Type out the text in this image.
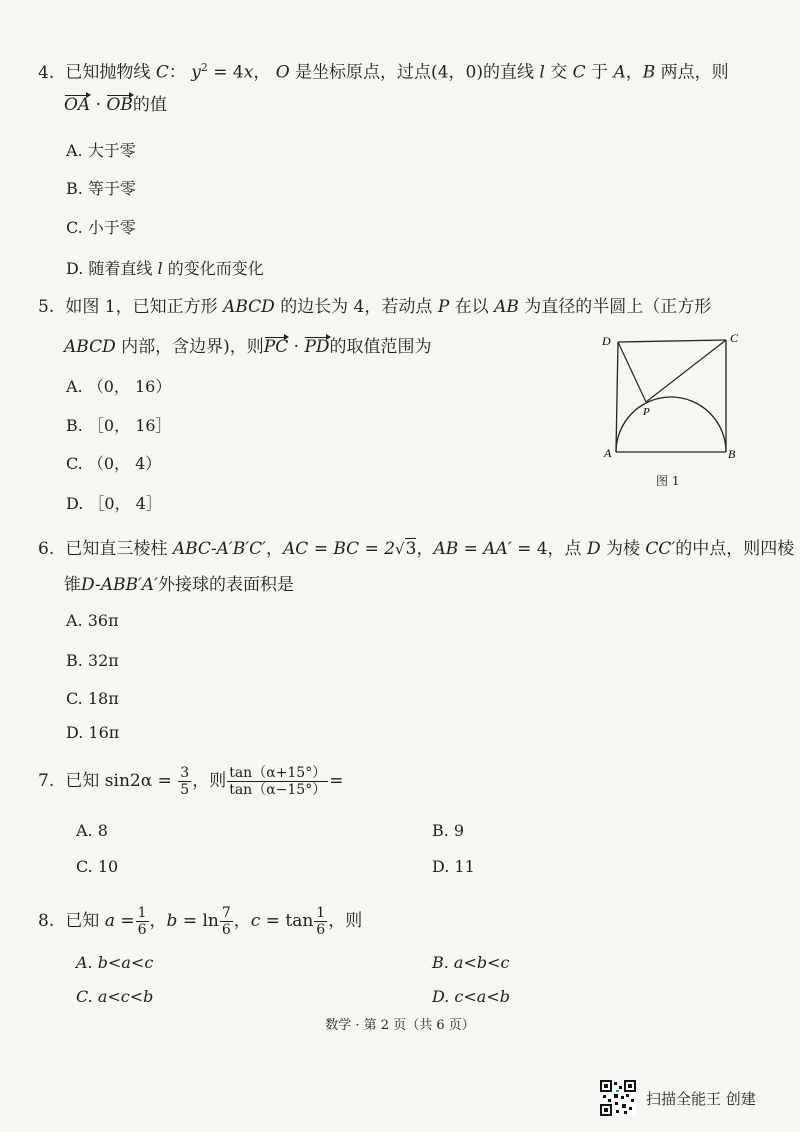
4. 已知抛物线 C： $y^2 = 4x$， O 是坐标原点，过点(4，0)的直线 l 交 C 于 A，B 两点，则
OA · OB的值
A. 大于零
B. 等于零
C. 小于零
D. 随着直线 l 的变化而变化
5. 如图 1，已知正方形 ABCD 的边长为 4，若动点 P 在以 AB 为直径的半圆上（正方形
ABCD 内部，含边界)，则PC · PD的取值范围为
A. （0， 16）
B. ［0， 16］
C. （0， 4）
D. ［0， 4］
D	C
P
A	B
图 1
6. 已知直三棱柱 ABC-A′B′C′，AC = BC = 2√3，AB = AA′ = 4，点 D 为棱 CC′的中点，则四棱
锥D-ABB′A′外接球的表面积是
A. 36π
B. 32π
C. 18π
D. 16π
7. 已知 $\sin 2\alpha = \frac{3}{5}$ ，则 $\frac{\tan(\alpha+15^\circ)}{\tan(\alpha-15^\circ)}$ =
A. 8	B. 9
C. 10	D. 11
8. 已知 $a = \frac{1}{6}$ ，$b = \ln \frac{7}{6}$ ，$c = \tan \frac{1}{6}$ ，则
A. b<a<c	B. a<b<c
C. a<c<b	D. c<a<b
数学 · 第 2 页（共 6 页）
扫描全能王 创建
